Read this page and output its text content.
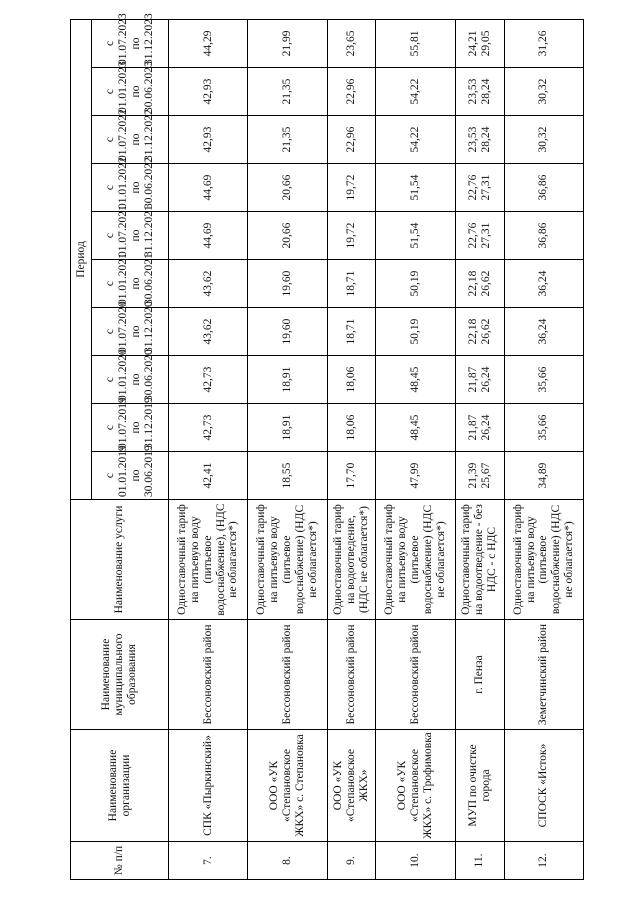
№ п/п	Наименование организации	Наименование муниципального образования	Наименование услуги	Период									
				с 01.01.2019 по 30.06.2019	с 01.07.2019 по 31.12.2019	с 01.01.2020 по 30.06.2020	с 01.07.2020 по 31.12.2020	с 01.01.2021 по 30.06.2021	с 01.07.2021 по 31.12.2021	с 01.01.2022 по 30.06.2022	с 01.07.2022 по 31.12.2022	с 01.01.2023 по 30.06.2023	с 01.07.2023 по 31.12.2023
7.	СПК «Пыркинский»	Бессоновский район	Одноставочный тариф на питьевую воду (питьевое водоснабжение), (НДС не облагается*)	42,41	42,73	42,73	43,62	43,62	44,69	44,69	42,93	42,93	44,29
8.	ООО «УК «Степановское ЖКХ» с. Степановка	Бессоновский район	Одноставочный тариф на питьевую воду (питьевое водоснабжение) (НДС не облагается*)	18,55	18,91	18,91	19,60	19,60	20,66	20,66	21,35	21,35	21,99
9.	ООО «УК «Степановское ЖКХ»	Бессоновский район	Одноставочный тариф на водоотведение, (НДС не облагается*)	17,70	18,06	18,06	18,71	18,71	19,72	19,72	22,96	22,96	23,65
10.	ООО «УК «Степановское ЖКХ» с. Трофимовка	Бессоновский район	Одноставочный тариф на питьевую воду (питьевое водоснабжение) (НДС не облагается*)	47,99	48,45	48,45	50,19	50,19	51,54	51,54	54,22	54,22	55,81
11.	МУП по очистке города	г. Пенза	Одноставочный тариф на водоотведение - без НДС - с НДС	21,39 25,67	21,87 26,24	21,87 26,24	22,18 26,62	22,18 26,62	22,76 27,31	22,76 27,31	23,53 28,24	23,53 28,24	24,21 29,05
12.	СПОСК «Исток»	Земетчинский район	Одноставочный тариф на питьевую воду (питьевое водоснабжение) (НДС не облагается*)	34,89	35,66	35,66	36,24	36,24	36,86	36,86	30,32	30,32	31,26
